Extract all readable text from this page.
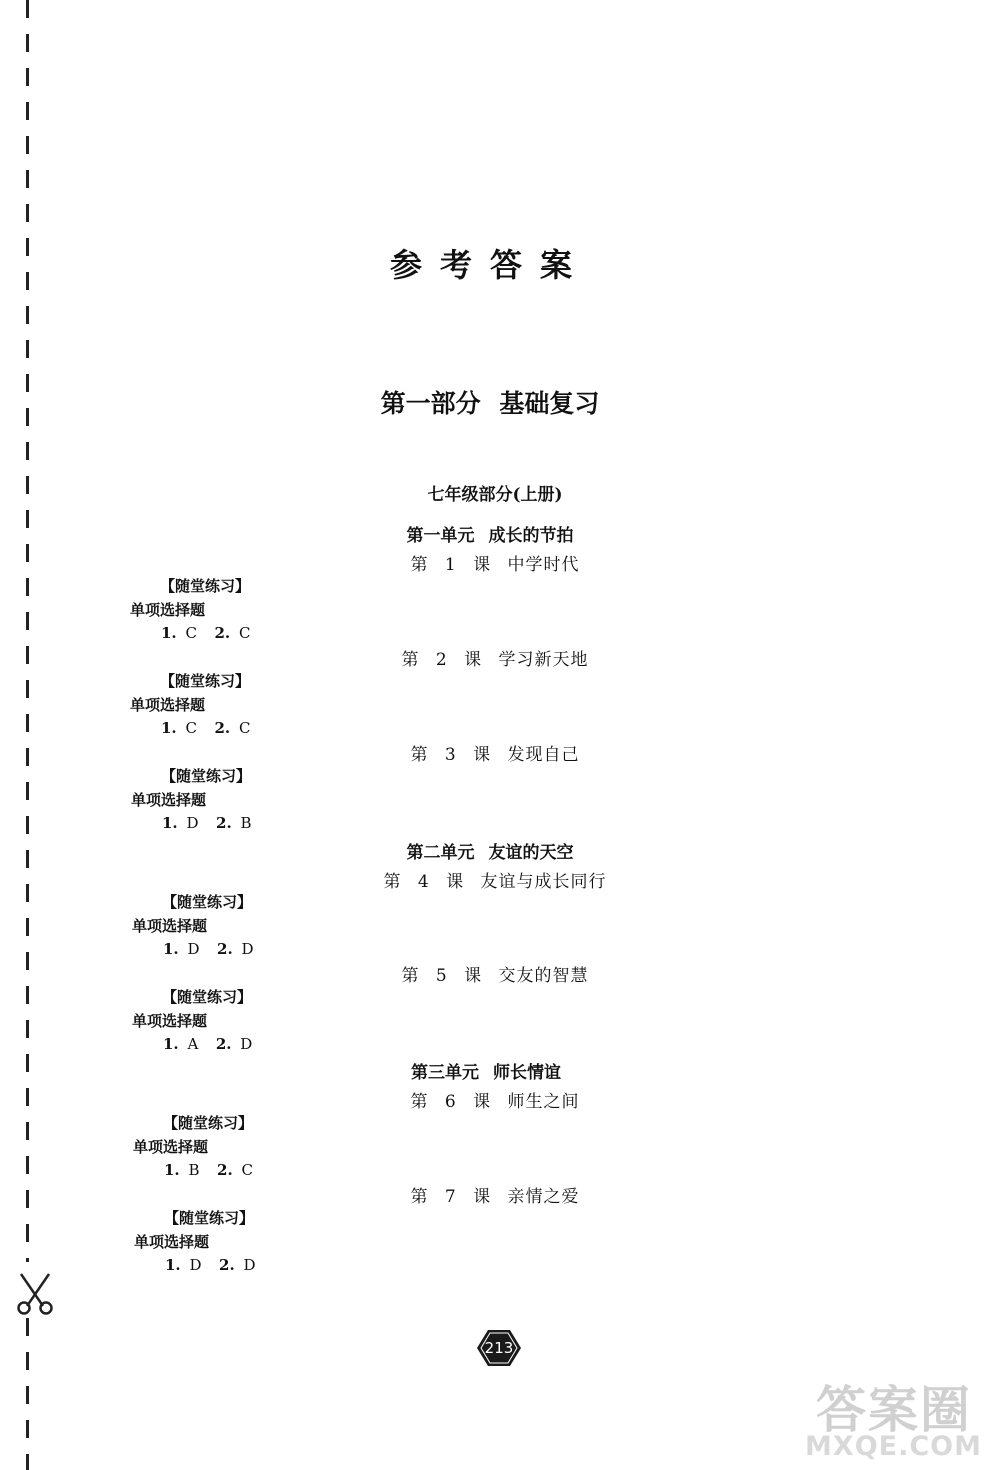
参考答案
第一部分 基础复习
七年级部分(上册)
第一单元 成长的节拍
第二单元 友谊的天空
第三单元 师长情谊
第 1 课 中学时代
第 2 课 学习新天地
第 3 课 发现自己
第 4 课 友谊与成长同行
第 5 课 交友的智慧
第 6 课 师生之间
第 7 课 亲情之爱
【随堂练习】
单项选择题
1. C 2. C
【随堂练习】
单项选择题
1. C 2. C
【随堂练习】
单项选择题
1. D 2. B
【随堂练习】
单项选择题
1. D 2. D
【随堂练习】
单项选择题
1. A 2. D
【随堂练习】
单项选择题
1. B 2. C
【随堂练习】
单项选择题
1. D 2. D
213
答案圈
MXQE.COM
